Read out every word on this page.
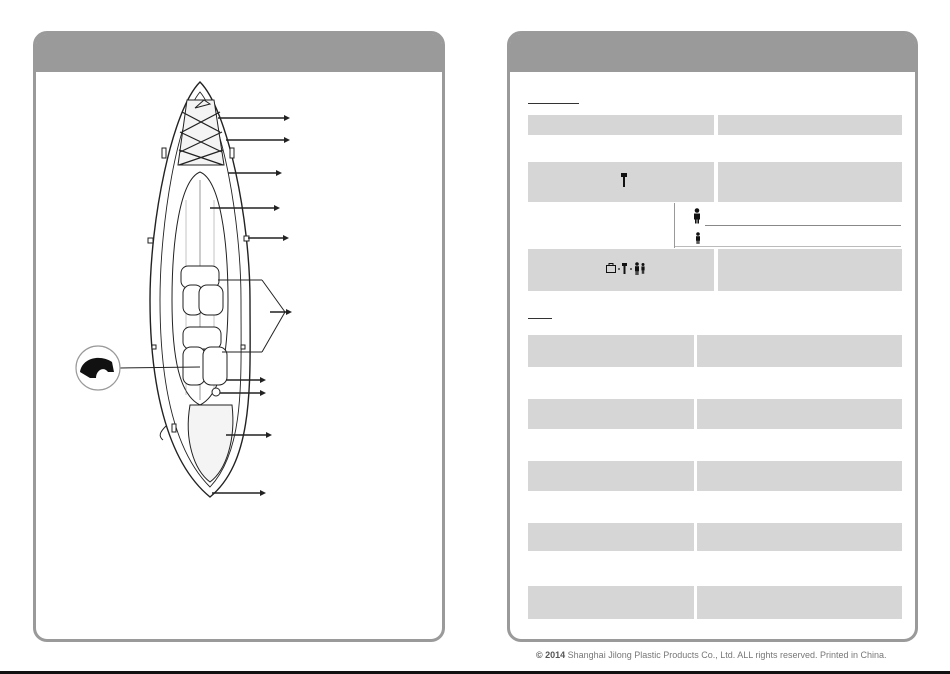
© 2014 Shanghai Jilong Plastic Products Co., Ltd. ALL rights reserved. Printed in China.
